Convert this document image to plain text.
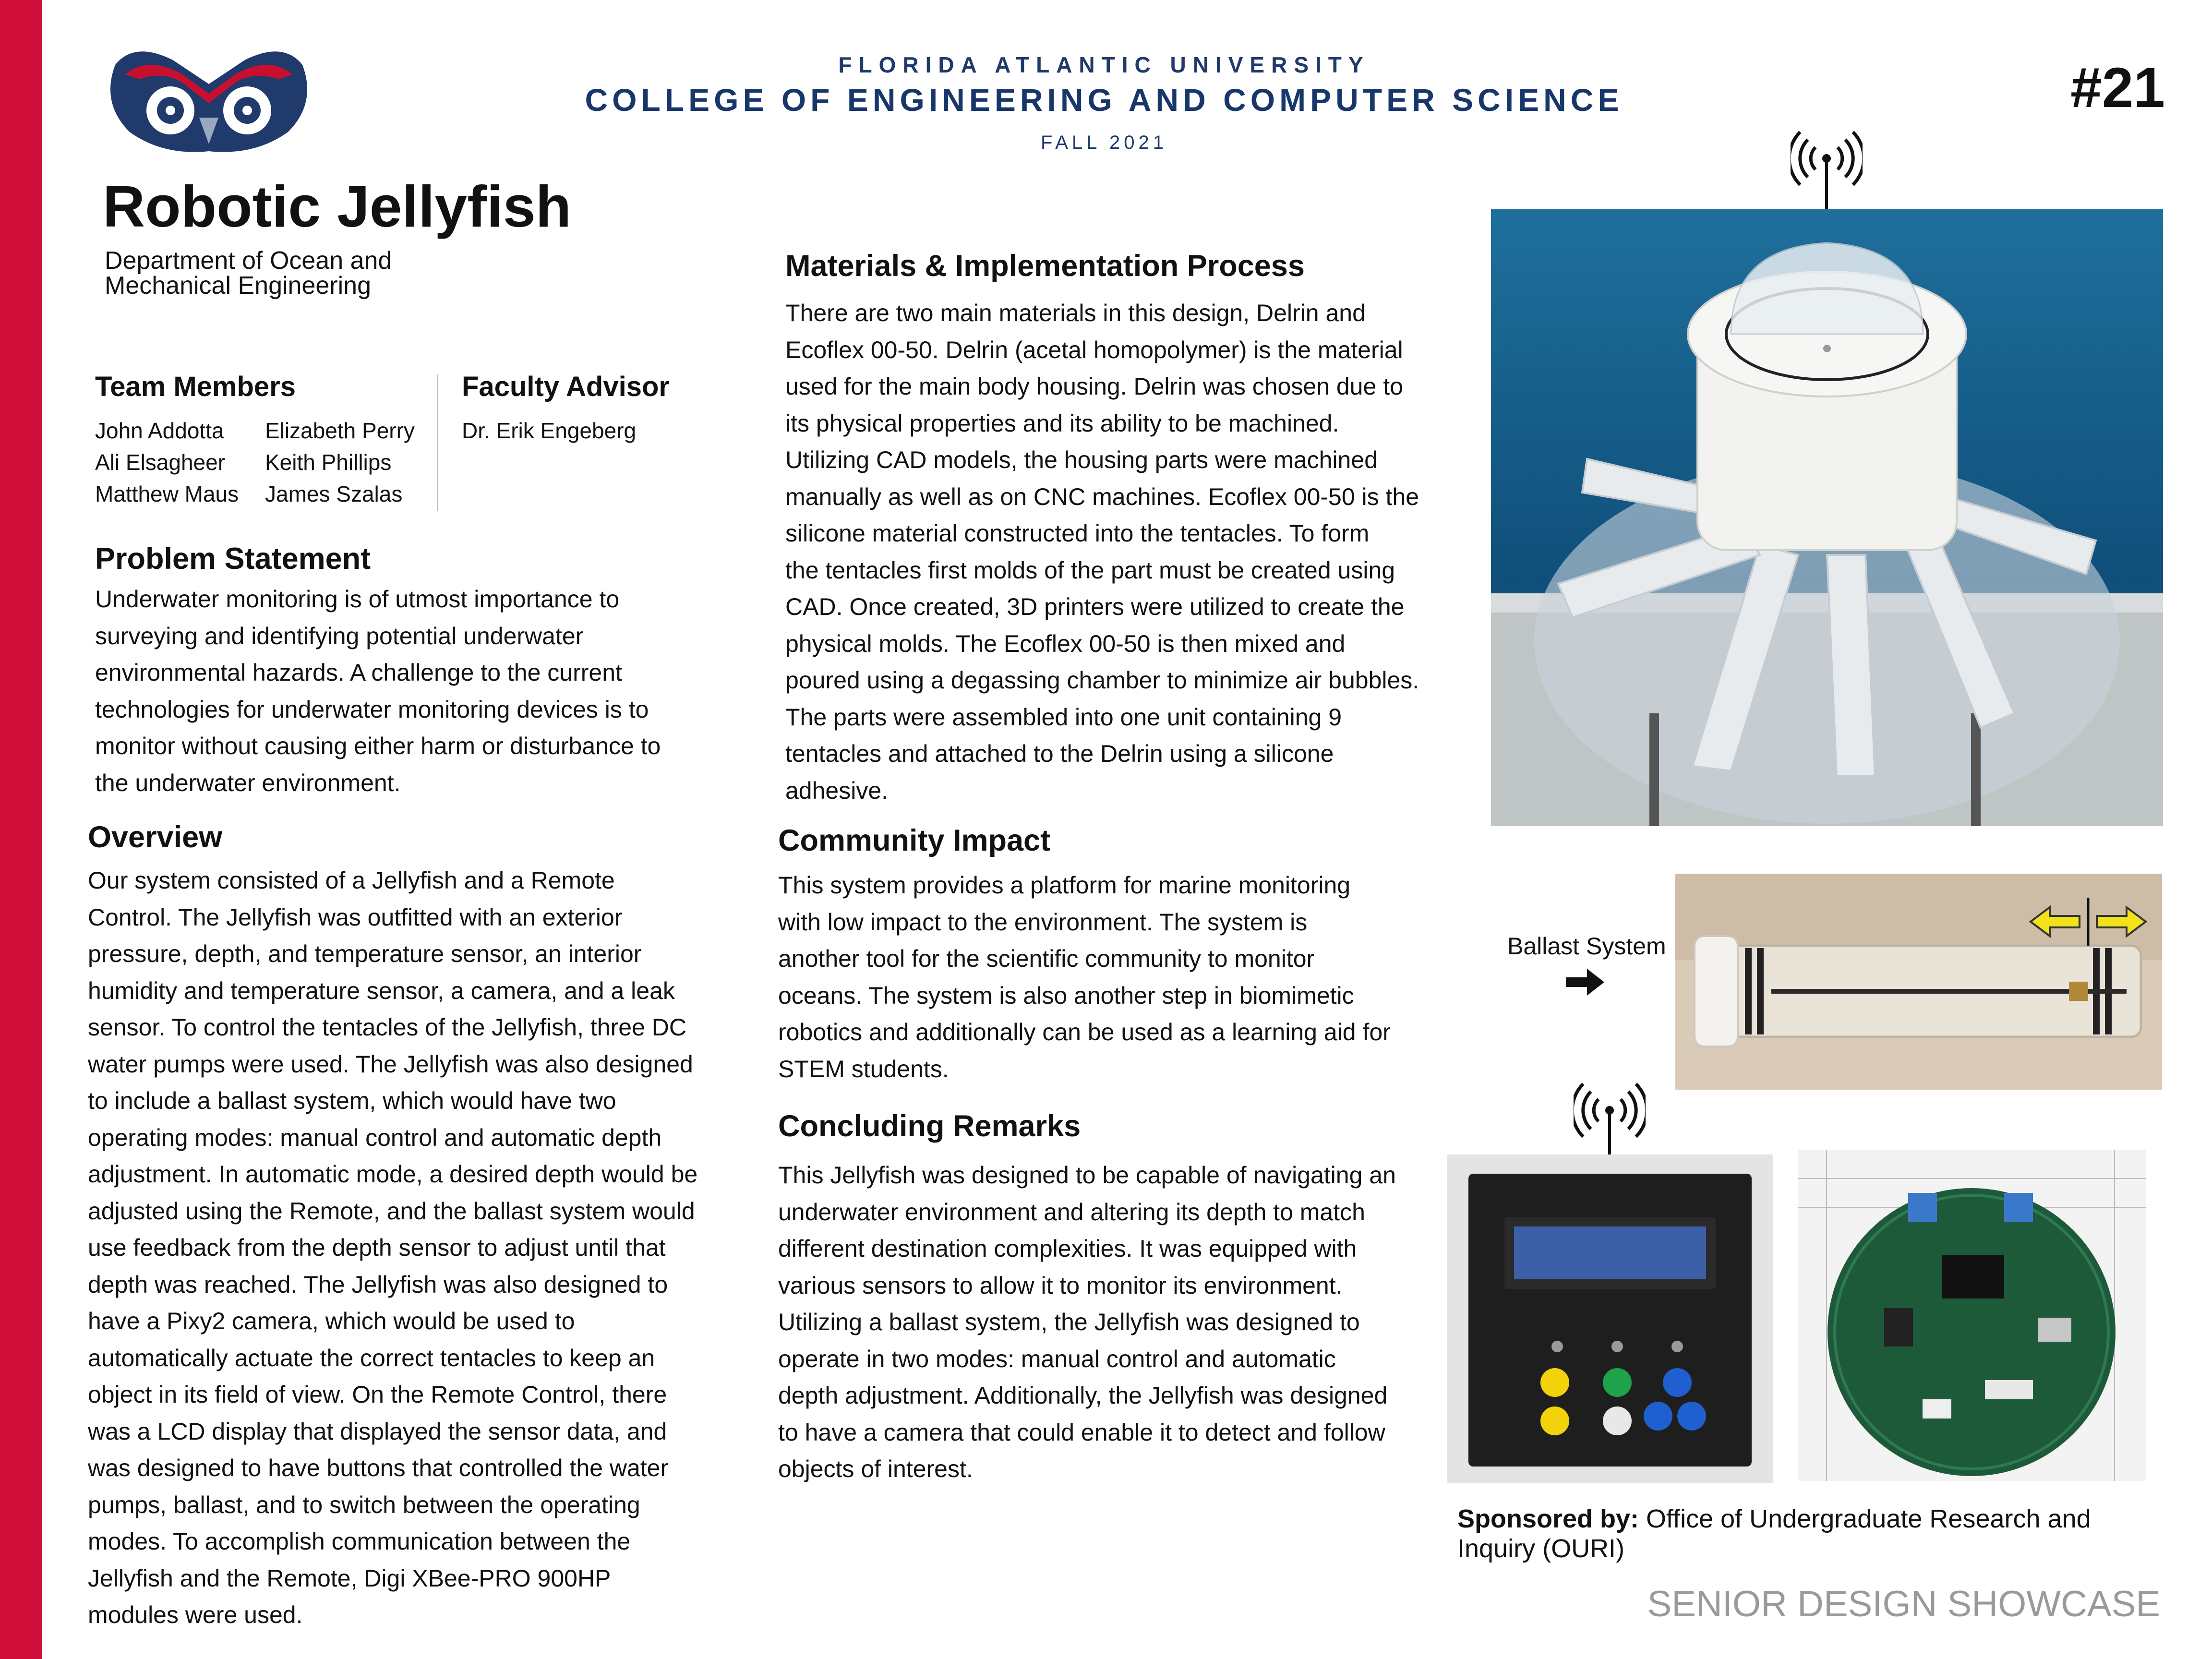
FLORIDA ATLANTIC UNIVERSITY
COLLEGE OF ENGINEERING AND COMPUTER SCIENCE
FALL 2021
#21
Robotic Jellyfish
Department of Ocean and
Mechanical Engineering
Team Members
John Addotta
Ali Elsagheer
Matthew Maus
Elizabeth Perry
Keith Phillips
James Szalas
Faculty Advisor
Dr. Erik Engeberg
Problem Statement
Underwater monitoring is of utmost importance to
surveying and identifying potential underwater
environmental hazards. A challenge to the current
technologies for underwater monitoring devices is to
monitor without causing either harm or disturbance to
the underwater environment.
Overview
Our system consisted of a Jellyfish and a Remote
Control. The Jellyfish was outfitted with an exterior
pressure, depth, and temperature sensor, an interior
humidity and temperature sensor, a camera, and a leak
sensor. To control the tentacles of the Jellyfish, three DC
water pumps were used. The Jellyfish was also designed
to include a ballast system, which would have two
operating modes: manual control and automatic depth
adjustment. In automatic mode, a desired depth would be
adjusted using the Remote, and the ballast system would
use feedback from the depth sensor to adjust until that
depth was reached. The Jellyfish was also designed to
have a Pixy2 camera, which would be used to
automatically actuate the correct tentacles to keep an
object in its field of view. On the Remote Control, there
was a LCD display that displayed the sensor data, and
was designed to have buttons that controlled the water
pumps, ballast, and to switch between the operating
modes. To accomplish communication between the
Jellyfish and the Remote, Digi XBee-PRO 900HP
modules were used.
Materials & Implementation Process
There are two main materials in this design, Delrin and
Ecoflex 00-50. Delrin (acetal homopolymer) is the material
used for the main body housing. Delrin was chosen due to
its physical properties and its ability to be machined.
Utilizing CAD models, the housing parts were machined
manually as well as on CNC machines. Ecoflex 00-50 is the
silicone material constructed into the tentacles. To form
the tentacles first molds of the part must be created using
CAD. Once created, 3D printers were utilized to create the
physical molds. The Ecoflex 00-50 is then mixed and
poured using a degassing chamber to minimize air bubbles.
The parts were assembled into one unit containing 9
tentacles and attached to the Delrin using a silicone
adhesive.
Community Impact
This system provides a platform for marine monitoring
with low impact to the environment. The system is
another tool for the scientific community to monitor
oceans. The system is also another step in biomimetic
robotics and additionally can be used as a learning aid for
STEM students.
Concluding Remarks
This Jellyfish was designed to be capable of navigating an
underwater environment and altering its depth to match
different destination complexities. It was equipped with
various sensors to allow it to monitor its environment.
Utilizing a ballast system, the Jellyfish was designed to
operate in two modes: manual control and automatic
depth adjustment. Additionally, the Jellyfish was designed
to have a camera that could enable it to detect and follow
objects of interest.
Ballast System
Sponsored by: Office of Undergraduate Research and
Inquiry (OURI)
SENIOR DESIGN SHOWCASE
